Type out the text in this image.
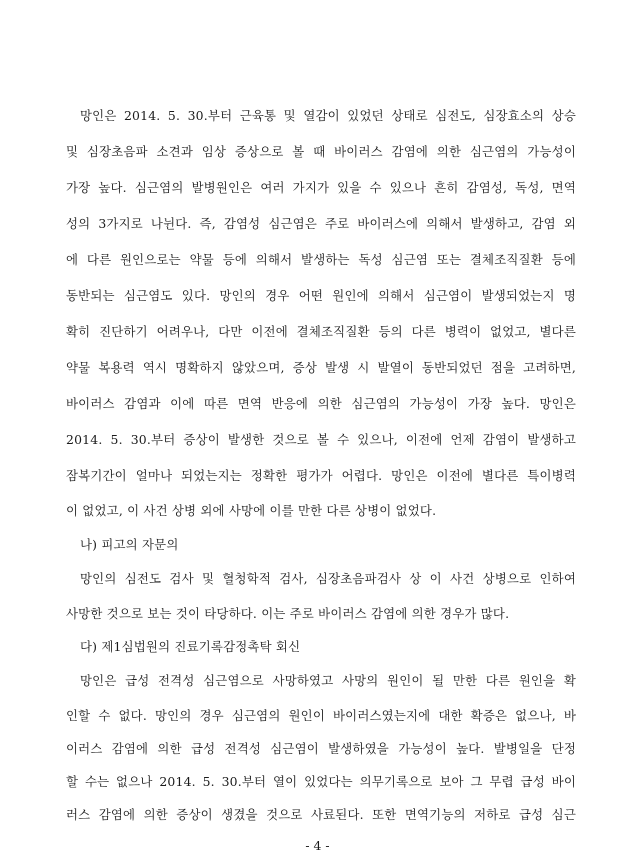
망인은 2014. 5. 30.부터 근육통 및 열감이 있었던 상태로 심전도, 심장효소의 상승
및 심장초음파 소견과 임상 증상으로 볼 때 바이러스 감염에 의한 심근염의 가능성이
가장 높다. 심근염의 발병원인은 여러 가지가 있을 수 있으나 흔히 감염성, 독성, 면역
성의 3가지로 나뉜다. 즉, 감염성 심근염은 주로 바이러스에 의해서 발생하고, 감염 외
에 다른 원인으로는 약물 등에 의해서 발생하는 독성 심근염 또는 결체조직질환 등에
동반되는 심근염도 있다. 망인의 경우 어떤 원인에 의해서 심근염이 발생되었는지 명
확히 진단하기 어려우나, 다만 이전에 결체조직질환 등의 다른 병력이 없었고, 별다른
약물 복용력 역시 명확하지 않았으며, 증상 발생 시 발열이 동반되었던 점을 고려하면,
바이러스 감염과 이에 따른 면역 반응에 의한 심근염의 가능성이 가장 높다. 망인은
2014. 5. 30.부터 증상이 발생한 것으로 볼 수 있으나, 이전에 언제 감염이 발생하고
잠복기간이 얼마나 되었는지는 정확한 평가가 어렵다. 망인은 이전에 별다른 특이병력
이 없었고, 이 사건 상병 외에 사망에 이를 만한 다른 상병이 없었다.
나) 피고의 자문의
망인의 심전도 검사 및 혈청학적 검사, 심장초음파검사 상 이 사건 상병으로 인하여
사망한 것으로 보는 것이 타당하다. 이는 주로 바이러스 감염에 의한 경우가 많다.
다) 제1심법원의 진료기록감정촉탁 회신
망인은 급성 전격성 심근염으로 사망하였고 사망의 원인이 될 만한 다른 원인을 확
인할 수 없다. 망인의 경우 심근염의 원인이 바이러스였는지에 대한 확증은 없으나, 바
이러스 감염에 의한 급성 전격성 심근염이 발생하였을 가능성이 높다. 발병일을 단정
할 수는 없으나 2014. 5. 30.부터 열이 있었다는 의무기록으로 보아 그 무렵 급성 바이
러스 감염에 의한 증상이 생겼을 것으로 사료된다. 또한 면역기능의 저하로 급성 심근
- 4 -
